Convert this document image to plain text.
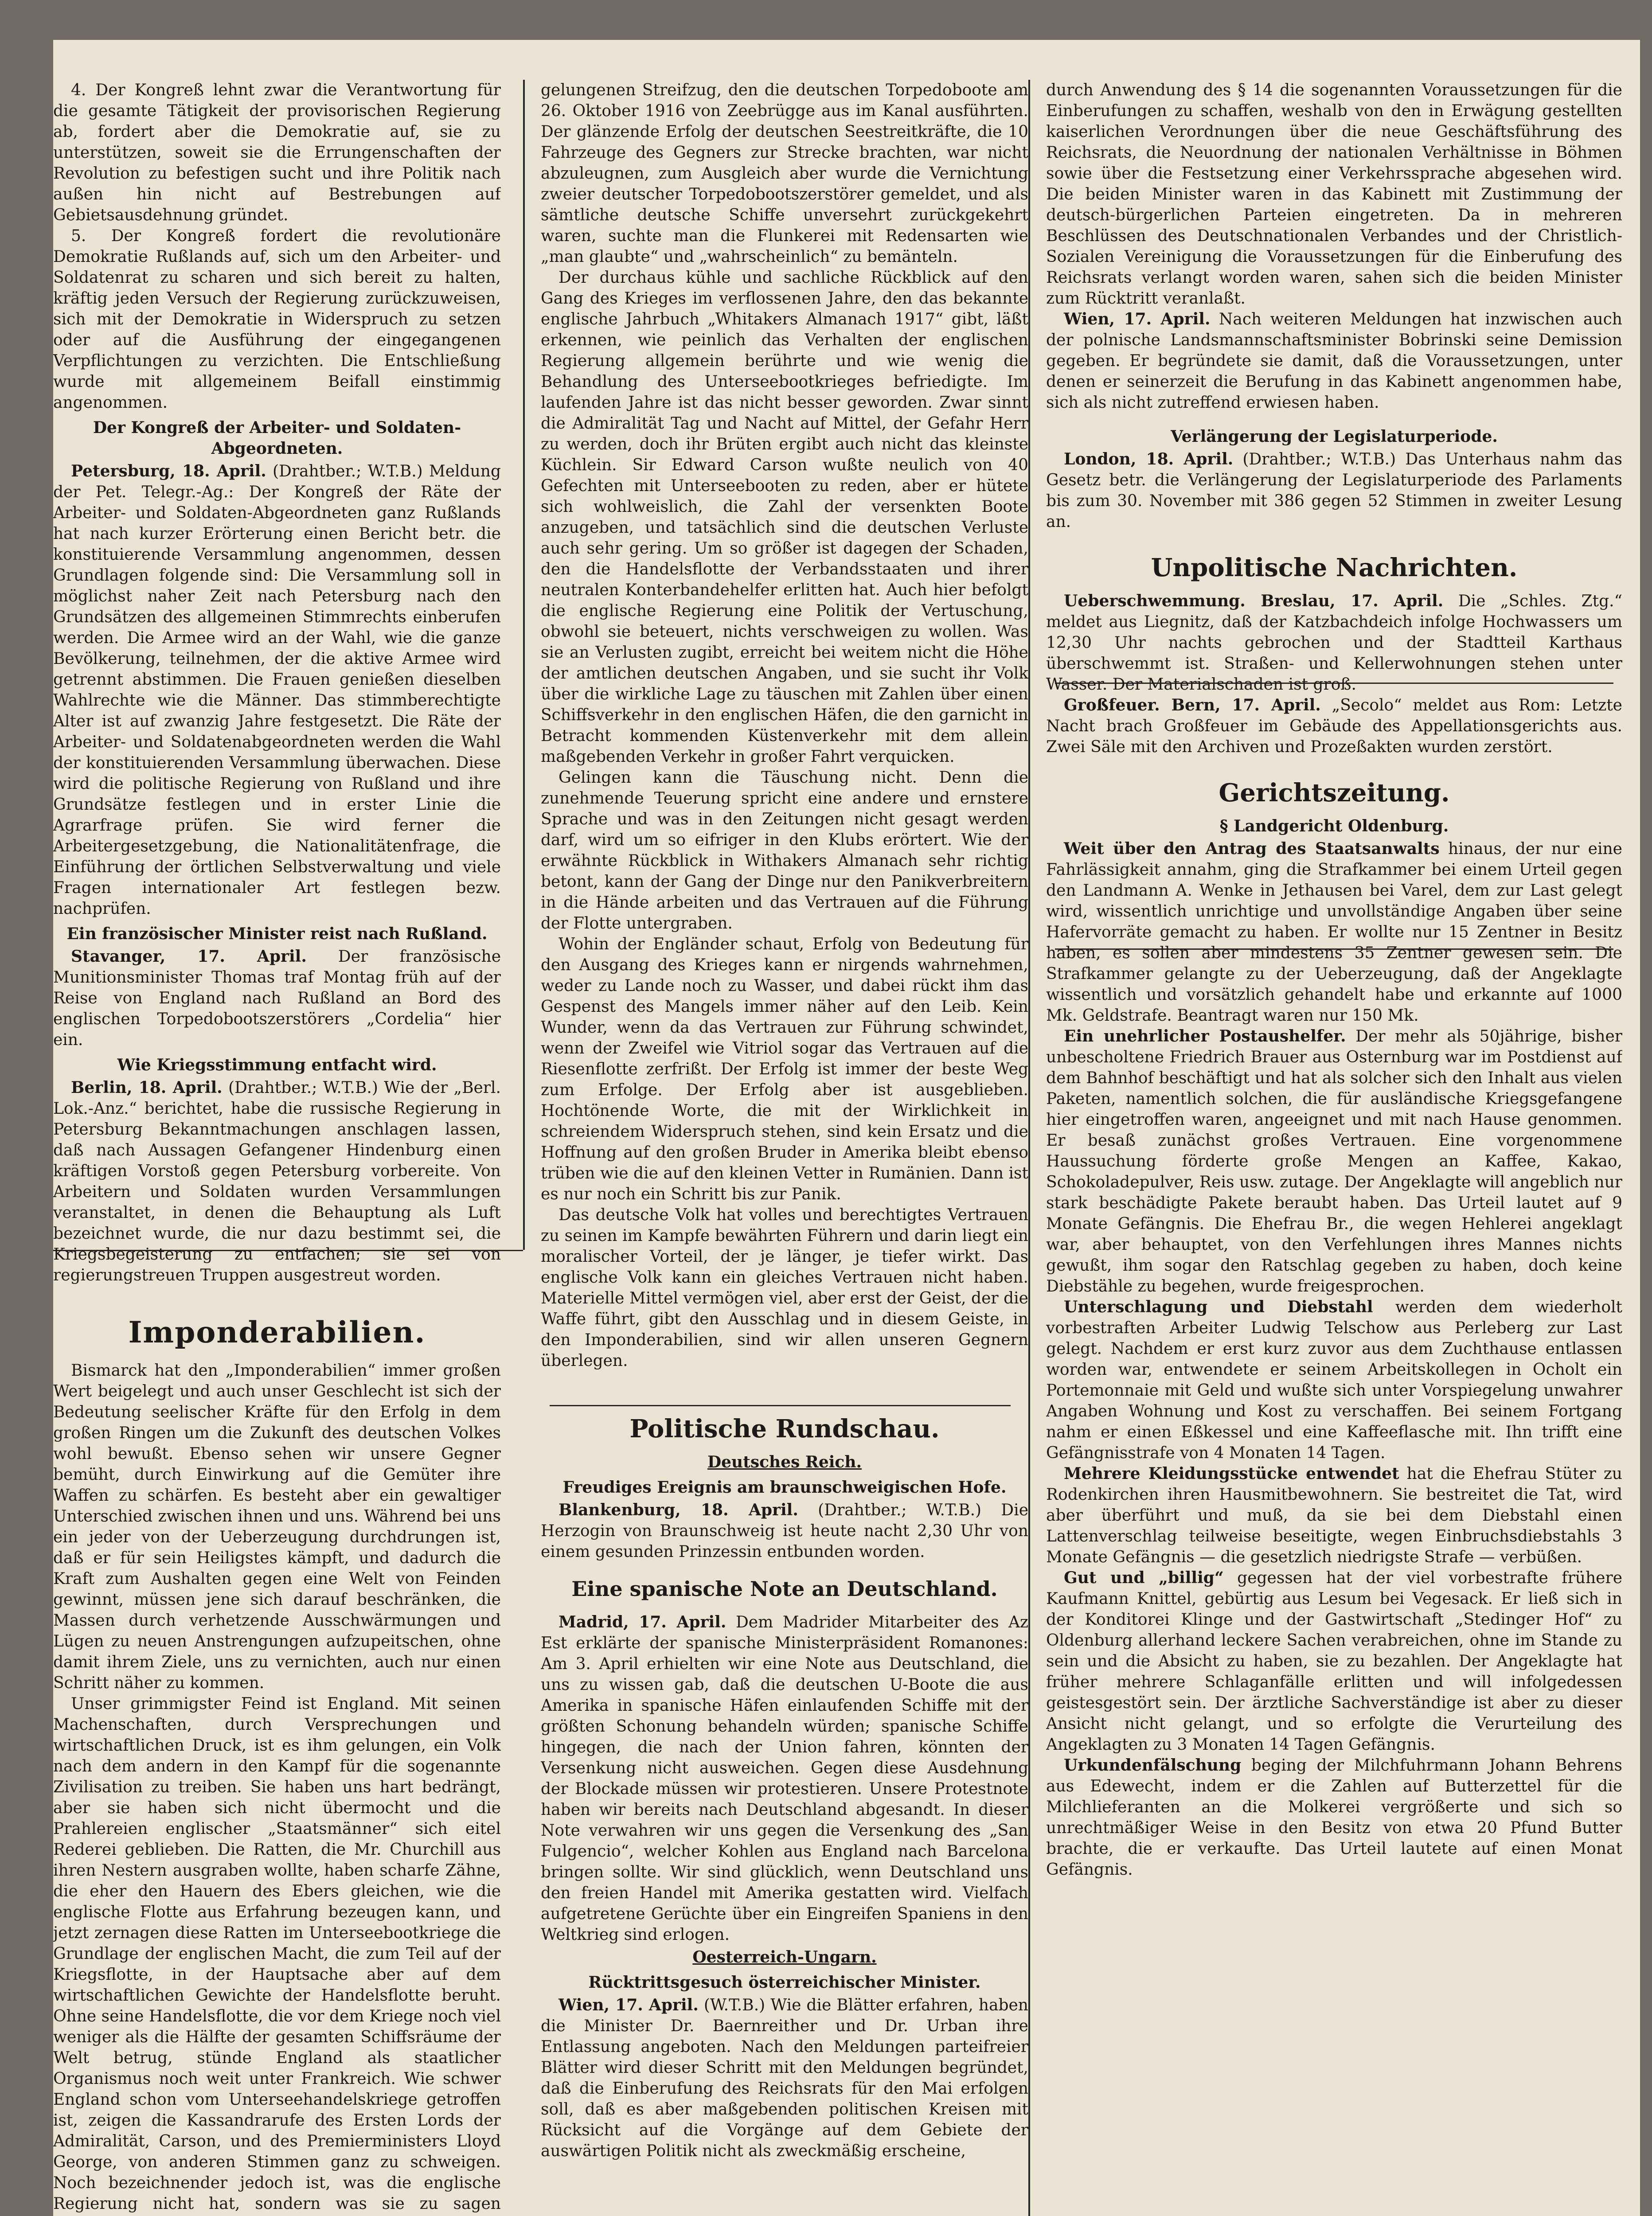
4. Der Kongreß lehnt zwar die Verantwortung für die gesamte Tätigkeit der provisorischen Regierung ab, fordert aber die Demokratie auf, sie zu unterstützen, soweit sie die Errungenschaften der Revolution zu befestigen sucht und ihre Politik nach außen hin nicht auf Bestrebungen auf Gebietsausdehnung gründet.

5. Der Kongreß fordert die revolutionäre Demokratie Rußlands auf, sich um den Arbeiter- und Soldatenrat zu scharen und sich bereit zu halten, kräftig jeden Versuch der Regierung zurückzuweisen, sich mit der Demokratie in Widerspruch zu setzen oder auf die Ausführung der eingegangenen Verpflichtungen zu verzichten. Die Entschließung wurde mit allgemeinem Beifall einstimmig angenommen.

Der Kongreß der Arbeiter- und Soldaten-Abgeordneten.

Petersburg, 18. April. (Drahtber.; W.T.B.) Meldung der Pet. Telegr.-Ag.: Der Kongreß der Räte der Arbeiter- und Soldaten-Abgeordneten ganz Rußlands hat nach kurzer Erörterung einen Bericht betr. die konstituierende Versammlung angenommen, dessen Grundlagen folgende sind: Die Versammlung soll in möglichst naher Zeit nach Petersburg nach den Grundsätzen des allgemeinen Stimmrechts einberufen werden. Die Armee wird an der Wahl, wie die ganze Bevölkerung, teilnehmen, der die aktive Armee wird getrennt abstimmen. Die Frauen genießen dieselben Wahlrechte wie die Männer. Das stimmberechtigte Alter ist auf zwanzig Jahre festgesetzt. Die Räte der Arbeiter- und Soldatenabgeordneten werden die Wahl der konstituierenden Versammlung überwachen. Diese wird die politische Regierung von Rußland und ihre Grundsätze festlegen und in erster Linie die Agrarfrage prüfen. Sie wird ferner die Arbeitergesetzgebung, die Nationalitätenfrage, die Einführung der örtlichen Selbstverwaltung und viele Fragen internationaler Art festlegen bezw. nachprüfen.

Ein französischer Minister reist nach Rußland.

Stavanger, 17. April. Der französische Munitionsminister Thomas traf Montag früh auf der Reise von England nach Rußland an Bord des englischen Torpedobootszerstörers „Cordelia“ hier ein.

Wie Kriegsstimmung entfacht wird.

Berlin, 18. April. (Drahtber.; W.T.B.) Wie der „Berl. Lok.-Anz.“ berichtet, habe die russische Regierung in Petersburg Bekanntmachungen anschlagen lassen, daß nach Aussagen Gefangener Hindenburg einen kräftigen Vorstoß gegen Petersburg vorbereite. Von Arbeitern und Soldaten wurden Versammlungen veranstaltet, in denen die Behauptung als Luft bezeichnet wurde, die nur dazu bestimmt sei, die Kriegsbegeisterung zu entfachen; sie sei von regierungstreuen Truppen ausgestreut worden.

Imponderabilien.

Bismarck hat den „Imponderabilien“ immer großen Wert beigelegt und auch unser Geschlecht ist sich der Bedeutung seelischer Kräfte für den Erfolg in dem großen Ringen um die Zukunft des deutschen Volkes wohl bewußt. Ebenso sehen wir unsere Gegner bemüht, durch Einwirkung auf die Gemüter ihre Waffen zu schärfen. Es besteht aber ein gewaltiger Unterschied zwischen ihnen und uns. Während bei uns ein jeder von der Ueberzeugung durchdrungen ist, daß er für sein Heiligstes kämpft, und dadurch die Kraft zum Aushalten gegen eine Welt von Feinden gewinnt, müssen jene sich darauf beschränken, die Massen durch verhetzende Ausschwärmungen und Lügen zu neuen Anstrengungen aufzupeitschen, ohne damit ihrem Ziele, uns zu vernichten, auch nur einen Schritt näher zu kommen.

Unser grimmigster Feind ist England. Mit seinen Machenschaften, durch Versprechungen und wirtschaftlichen Druck, ist es ihm gelungen, ein Volk nach dem andern in den Kampf für die sogenannte Zivilisation zu treiben. Sie haben uns hart bedrängt, aber sie haben sich nicht übermocht und die Prahlereien englischer „Staatsmänner“ sich eitel Rederei geblieben. Die Ratten, die Mr. Churchill aus ihren Nestern ausgraben wollte, haben scharfe Zähne, die eher den Hauern des Ebers gleichen, wie die englische Flotte aus Erfahrung bezeugen kann, und jetzt zernagen diese Ratten im Unterseebootkriege die Grundlage der englischen Macht, die zum Teil auf der Kriegsflotte, in der Hauptsache aber auf dem wirtschaftlichen Gewichte der Handelsflotte beruht. Ohne seine Handelsflotte, die vor dem Kriege noch viel weniger als die Hälfte der gesamten Schiffsräume der Welt betrug, stünde England als staatlicher Organismus noch weit unter Frankreich. Wie schwer England schon vom Unterseehandelskriege getroffen ist, zeigen die Kassandrarufe des Ersten Lords der Admiralität, Carson, und des Premierministers Lloyd George, von anderen Stimmen ganz zu schweigen. Noch bezeichnender jedoch ist, was die englische Regierung nicht hat, sondern was sie zu sagen

gelungenen Streifzug, den die deutschen Torpedoboote am 26. Oktober 1916 von Zeebrügge aus im Kanal ausführten. Der glänzende Erfolg der deutschen Seestreitkräfte, die 10 Fahrzeuge des Gegners zur Strecke brachten, war nicht abzuleugnen, zum Ausgleich aber wurde die Vernichtung zweier deutscher Torpedobootszerstörer gemeldet, und als sämtliche deutsche Schiffe unversehrt zurückgekehrt waren, suchte man die Flunkerei mit Redensarten wie „man glaubte“ und „wahrscheinlich“ zu bemänteln.

Der durchaus kühle und sachliche Rückblick auf den Gang des Krieges im verflossenen Jahre, den das bekannte englische Jahrbuch „Whitakers Almanach 1917“ gibt, läßt erkennen, wie peinlich das Verhalten der englischen Regierung allgemein berührte und wie wenig die Behandlung des Unterseebootkrieges befriedigte. Im laufenden Jahre ist das nicht besser geworden. Zwar sinnt die Admiralität Tag und Nacht auf Mittel, der Gefahr Herr zu werden, doch ihr Brüten ergibt auch nicht das kleinste Küchlein. Sir Edward Carson wußte neulich von 40 Gefechten mit Unterseebooten zu reden, aber er hütete sich wohlweislich, die Zahl der versenkten Boote anzugeben, und tatsächlich sind die deutschen Verluste auch sehr gering. Um so größer ist dagegen der Schaden, den die Handelsflotte der Verbandsstaaten und ihrer neutralen Konterbandehelfer erlitten hat. Auch hier befolgt die englische Regierung eine Politik der Vertuschung, obwohl sie beteuert, nichts verschweigen zu wollen. Was sie an Verlusten zugibt, erreicht bei weitem nicht die Höhe der amtlichen deutschen Angaben, und sie sucht ihr Volk über die wirkliche Lage zu täuschen mit Zahlen über einen Schiffsverkehr in den englischen Häfen, die den garnicht in Betracht kommenden Küstenverkehr mit dem allein maßgebenden Verkehr in großer Fahrt verquicken.

Gelingen kann die Täuschung nicht. Denn die zunehmende Teuerung spricht eine andere und ernstere Sprache und was in den Zeitungen nicht gesagt werden darf, wird um so eifriger in den Klubs erörtert. Wie der erwähnte Rückblick in Withakers Almanach sehr richtig betont, kann der Gang der Dinge nur den Panikverbreitern in die Hände arbeiten und das Vertrauen auf die Führung der Flotte untergraben.

Wohin der Engländer schaut, Erfolg von Bedeutung für den Ausgang des Krieges kann er nirgends wahrnehmen, weder zu Lande noch zu Wasser, und dabei rückt ihm das Gespenst des Mangels immer näher auf den Leib. Kein Wunder, wenn da das Vertrauen zur Führung schwindet, wenn der Zweifel wie Vitriol sogar das Vertrauen auf die Riesenflotte zerfrißt. Der Erfolg ist immer der beste Weg zum Erfolge. Der Erfolg aber ist ausgeblieben. Hochtönende Worte, die mit der Wirklichkeit in schreiendem Widerspruch stehen, sind kein Ersatz und die Hoffnung auf den großen Bruder in Amerika bleibt ebenso trüben wie die auf den kleinen Vetter in Rumänien. Dann ist es nur noch ein Schritt bis zur Panik.

Das deutsche Volk hat volles und berechtigtes Vertrauen zu seinen im Kampfe bewährten Führern und darin liegt ein moralischer Vorteil, der je länger, je tiefer wirkt. Das englische Volk kann ein gleiches Vertrauen nicht haben. Materielle Mittel vermögen viel, aber erst der Geist, der die Waffe führt, gibt den Ausschlag und in diesem Geiste, in den Imponderabilien, sind wir allen unseren Gegnern überlegen.

Politische Rundschau.
Deutsches Reich.
Freudiges Ereignis am braunschweigischen Hofe.

Blankenburg, 18. April. (Drahtber.; W.T.B.) Die Herzogin von Braunschweig ist heute nacht 2,30 Uhr von einem gesunden Prinzessin entbunden worden.

Eine spanische Note an Deutschland.

Madrid, 17. April. Dem Madrider Mitarbeiter des Az Est erklärte der spanische Ministerpräsident Romanones: Am 3. April erhielten wir eine Note aus Deutschland, die uns zu wissen gab, daß die deutschen U-Boote die aus Amerika in spanische Häfen einlaufenden Schiffe mit der größten Schonung behandeln würden; spanische Schiffe hingegen, die nach der Union fahren, könnten der Versenkung nicht ausweichen. Gegen diese Ausdehnung der Blockade müssen wir protestieren. Unsere Protestnote haben wir bereits nach Deutschland abgesandt. In dieser Note verwahren wir uns gegen die Versenkung des „San Fulgencio“, welcher Kohlen aus England nach Barcelona bringen sollte. Wir sind glücklich, wenn Deutschland uns den freien Handel mit Amerika gestatten wird. Vielfach aufgetretene Gerüchte über ein Eingreifen Spaniens in den Weltkrieg sind erlogen.

Oesterreich-Ungarn.
Rücktrittsgesuch österreichischer Minister.

Wien, 17. April. (W.T.B.) Wie die Blätter erfahren, haben die Minister Dr. Baernreither und Dr. Urban ihre Entlassung angeboten. Nach den Meldungen parteifreier Blätter wird dieser Schritt mit den Meldungen begründet, daß die Einberufung des Reichsrats für den Mai erfolgen soll, daß es aber maßgebenden politischen Kreisen mit Rücksicht auf die Vorgänge auf dem Gebiete der auswärtigen Politik nicht als zweckmäßig erscheine,

durch Anwendung des § 14 die sogenannten Voraussetzungen für die Einberufungen zu schaffen, weshalb von den in Erwägung gestellten kaiserlichen Verordnungen über die neue Geschäftsführung des Reichsrats, die Neuordnung der nationalen Verhältnisse in Böhmen sowie über die Festsetzung einer Verkehrssprache abgesehen wird. Die beiden Minister waren in das Kabinett mit Zustimmung der deutsch-bürgerlichen Parteien eingetreten. Da in mehreren Beschlüssen des Deutschnationalen Verbandes und der Christlich-Sozialen Vereinigung die Voraussetzungen für die Einberufung des Reichsrats verlangt worden waren, sahen sich die beiden Minister zum Rücktritt veranlaßt.

Wien, 17. April. Nach weiteren Meldungen hat inzwischen auch der polnische Landsmannschaftsminister Bobrinski seine Demission gegeben. Er begründete sie damit, daß die Voraussetzungen, unter denen er seinerzeit die Berufung in das Kabinett angenommen habe, sich als nicht zutreffend erwiesen haben.

Verlängerung der Legislaturperiode.

London, 18. April. (Drahtber.; W.T.B.) Das Unterhaus nahm das Gesetz betr. die Verlängerung der Legislaturperiode des Parlaments bis zum 30. November mit 386 gegen 52 Stimmen in zweiter Lesung an.

Unpolitische Nachrichten.

Ueberschwemmung. Breslau, 17. April. Die „Schles. Ztg.“ meldet aus Liegnitz, daß der Katzbachdeich infolge Hochwassers um 12,30 Uhr nachts gebrochen und der Stadtteil Karthaus überschwemmt ist. Straßen- und Kellerwohnungen stehen unter Wasser. Der Materialschaden ist groß.

Großfeuer. Bern, 17. April. „Secolo“ meldet aus Rom: Letzte Nacht brach Großfeuer im Gebäude des Appellationsgerichts aus. Zwei Säle mit den Archiven und Prozeßakten wurden zerstört.

Gerichtszeitung.
§ Landgericht Oldenburg.

Weit über den Antrag des Staatsanwalts hinaus, der nur eine Fahrlässigkeit annahm, ging die Strafkammer bei einem Urteil gegen den Landmann A. Wenke in Jethausen bei Varel, dem zur Last gelegt wird, wissentlich unrichtige und unvollständige Angaben über seine Hafervorräte gemacht zu haben. Er wollte nur 15 Zentner in Besitz haben, es sollen aber mindestens 35 Zentner gewesen sein. Die Strafkammer gelangte zu der Ueberzeugung, daß der Angeklagte wissentlich und vorsätzlich gehandelt habe und erkannte auf 1000 Mk. Geldstrafe. Beantragt waren nur 150 Mk.

Ein unehrlicher Postaushelfer. Der mehr als 50jährige, bisher unbescholtene Friedrich Brauer aus Osternburg war im Postdienst auf dem Bahnhof beschäftigt und hat als solcher sich den Inhalt aus vielen Paketen, namentlich solchen, die für ausländische Kriegsgefangene hier eingetroffen waren, angeeignet und mit nach Hause genommen. Er besaß zunächst großes Vertrauen. Eine vorgenommene Haussuchung förderte große Mengen an Kaffee, Kakao, Schokoladepulver, Reis usw. zutage. Der Angeklagte will angeblich nur stark beschädigte Pakete beraubt haben. Das Urteil lautet auf 9 Monate Gefängnis. Die Ehefrau Br., die wegen Hehlerei angeklagt war, aber behauptet, von den Verfehlungen ihres Mannes nichts gewußt, ihm sogar den Ratschlag gegeben zu haben, doch keine Diebstähle zu begehen, wurde freigesprochen.

Unterschlagung und Diebstahl werden dem wiederholt vorbestraften Arbeiter Ludwig Telschow aus Perleberg zur Last gelegt. Nachdem er erst kurz zuvor aus dem Zuchthause entlassen worden war, entwendete er seinem Arbeitskollegen in Ocholt ein Portemonnaie mit Geld und wußte sich unter Vorspiegelung unwahrer Angaben Wohnung und Kost zu verschaffen. Bei seinem Fortgang nahm er einen Eßkessel und eine Kaffeeflasche mit. Ihn trifft eine Gefängnisstrafe von 4 Monaten 14 Tagen.

Mehrere Kleidungsstücke entwendet hat die Ehefrau Stüter zu Rodenkirchen ihren Hausmitbewohnern. Sie bestreitet die Tat, wird aber überführt und muß, da sie bei dem Diebstahl einen Lattenverschlag teilweise beseitigte, wegen Einbruchsdiebstahls 3 Monate Gefängnis — die gesetzlich niedrigste Strafe — verbüßen.

Gut und „billig“ gegessen hat der viel vorbestrafte frühere Kaufmann Knittel, gebürtig aus Lesum bei Vegesack. Er ließ sich in der Konditorei Klinge und der Gastwirtschaft „Stedinger Hof“ zu Oldenburg allerhand leckere Sachen verabreichen, ohne im Stande zu sein und die Absicht zu haben, sie zu bezahlen. Der Angeklagte hat früher mehrere Schlaganfälle erlitten und will infolgedessen geistesgestört sein. Der ärztliche Sachverständige ist aber zu dieser Ansicht nicht gelangt, und so erfolgte die Verurteilung des Angeklagten zu 3 Monaten 14 Tagen Gefängnis.

Urkundenfälschung beging der Milchfuhrmann Johann Behrens aus Edewecht, indem er die Zahlen auf Butterzettel für die Milchlieferanten an die Molkerei vergrößerte und sich so unrechtmäßiger Weise in den Besitz von etwa 20 Pfund Butter brachte, die er verkaufte. Das Urteil lautete auf einen Monat Gefängnis.
